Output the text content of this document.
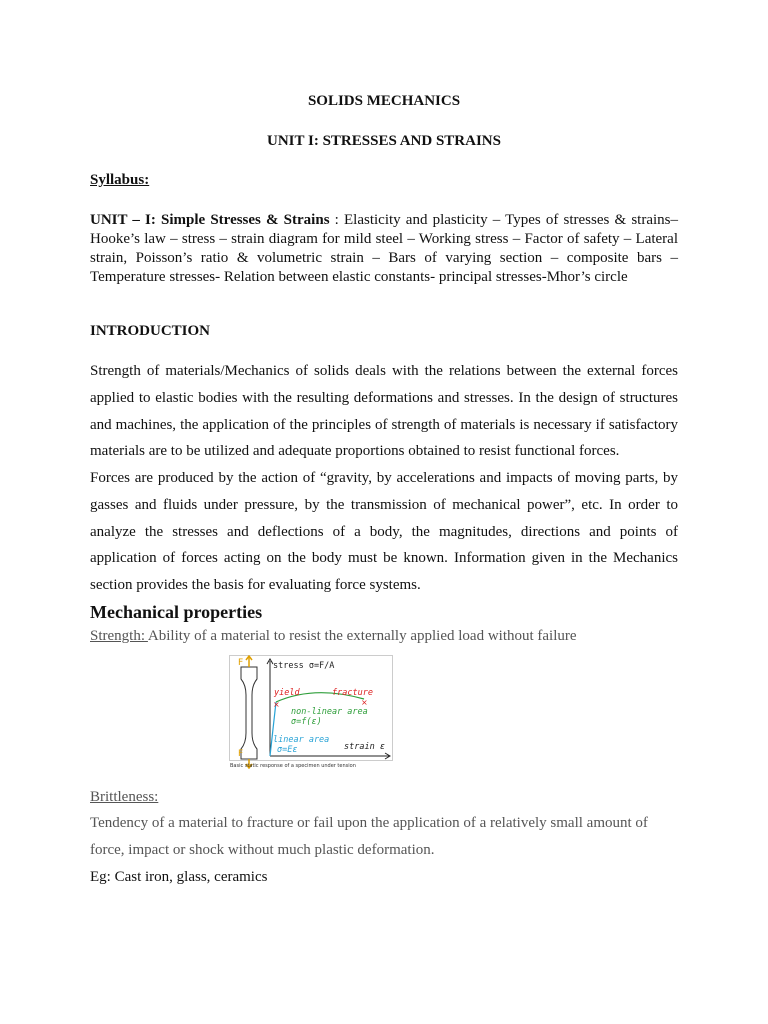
SOLIDS MECHANICS
UNIT I: STRESSES AND STRAINS
Syllabus:
UNIT – I: Simple Stresses & Strains : Elasticity and plasticity – Types of stresses & strains– Hooke’s law – stress – strain diagram for mild steel – Working stress – Factor of safety – Lateral strain, Poisson’s ratio & volumetric strain – Bars of varying section – composite bars – Temperature stresses- Relation between elastic constants- principal stresses-Mhor’s circle
INTRODUCTION
Strength of materials/Mechanics of solids deals with the relations between the external forces applied to elastic bodies with the resulting deformations and stresses. In the design of structures and machines, the application of the principles of strength of materials is necessary if satisfactory materials are to be utilized and adequate proportions obtained to resist functional forces.
Forces are produced by the action of “gravity, by accelerations and impacts of moving parts, by gasses and fluids under pressure, by the transmission of mechanical power”, etc. In order to analyze the stresses and deflections of a body, the magnitudes, directions and points of application of forces acting on the body must be known. Information given in the Mechanics section provides the basis for evaluating force systems.
Mechanical properties
Strength: Ability of a material to resist the externally applied load without failure
F
F
stress σ=F/A
strain ε
×	×
yield	fracture
non-linear area
σ=f(ε)
linear area
σ=Eε
Basic static response of a specimen under tension
Brittleness:
Tendency of a material to fracture or fail upon the application of a relatively small amount of force, impact or shock without much plastic deformation.
Eg: Cast iron, glass, ceramics
